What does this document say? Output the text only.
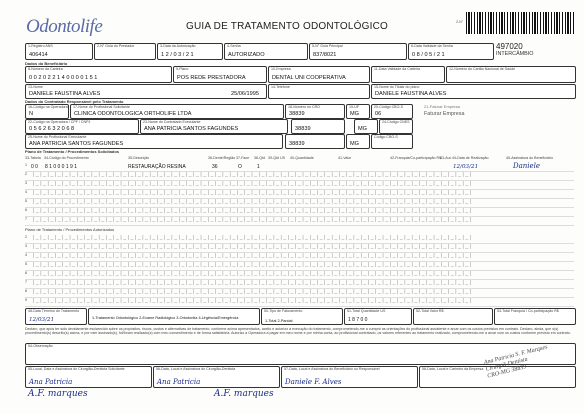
Odontolife	GUIA DE TRATAMENTO ODONTOLÓGICO	2-N°
497020
INTERCÂMBIO
1-Registro ANS
406414
2-N° Guia do Prestador	3-Data da Autorização
1 2 / 0 3 / 2 1
4-Senha
AUTORIZADO
5-N° Guia Principal
837/8021
6-Data Validade da Senha
0 8 / 0 5 / 2 1
Dados do Beneficiário
8-Número da Carteira
0 0 2 0 2 2 1 4 0 0 0 0 1 5 1
9-Plano
POS REDE PRESTADORA
10-Empresa
DENTAL UNI COOPERATIVA
11-Data Validade da Carteira	12-Número do Cartão Nacional de Saúde
13-Nome
DANIELE FAUSTINA ALVES	25/06/1995
14-Telefone	15-Nome do Titular do plano
DANIELE FAUSTINA ALVES
Dados do Contratado Responsável pelo Tratamento
16-Código na Operadora
N
17-Nome do Profissional Solicitante
CLINICA ODONTOLOGICA ORTHOLIFE LTDA
18-Número no CRO
38839
19-UF
MG
20-Código CBO-S
06
21-Faturar Empresa
Faturar Empresa
22-Código na Operadora / CPF / CNPJ
0 5 6 2 6 3 2 0 6 8
23-Nome do Contratado Executante
ANA PATRICIA SANTOS FAGUNDES	38839	MG
24-Código CNES
25-Nome do Profissional Executante
ANA PATRICIA SANTOS FAGUNDES	38839	MG
Código CBO-S
Plano de Tratamento / Procedimentos Solicitados
33-Tabela 34-Código do Procedimento	35-Descrição	36-Dente/Região 37-Face 38-Qtd 39-Qtd US 40-Quantidade	41-Valor	42-Franquia/Co-participação R$
43-Aut. 44-Data de Realização	45-Assinatura do Beneficiário
1 0 0 8 1 0 0 0 1 9 1	RESTAURAÇÃO RESINA	36	O	1	12/03/21	Daniele
2 |_|_|_|_|_|_|_|_|_|_|_|_|_|_|_|_|_|_|_|_|_|_|_|_|_|_|_|_|_|_|_|_|_|_|_|_|_|_|_|_|_|_|_|_|_|_|_|_|_|_|_|_|_|_|_|_|_|_|_|_|
3 |_|_|_|_|_|_|_|_|_|_|_|_|_|_|_|_|_|_|_|_|_|_|_|_|_|_|_|_|_|_|_|_|_|_|_|_|_|_|_|_|_|_|_|_|_|_|_|_|_|_|_|_|_|_|_|_|_|_|_|_|
4 |_|_|_|_|_|_|_|_|_|_|_|_|_|_|_|_|_|_|_|_|_|_|_|_|_|_|_|_|_|_|_|_|_|_|_|_|_|_|_|_|_|_|_|_|_|_|_|_|_|_|_|_|_|_|_|_|_|_|_|_|
5 |_|_|_|_|_|_|_|_|_|_|_|_|_|_|_|_|_|_|_|_|_|_|_|_|_|_|_|_|_|_|_|_|_|_|_|_|_|_|_|_|_|_|_|_|_|_|_|_|_|_|_|_|_|_|_|_|_|_|_|_|
6 |_|_|_|_|_|_|_|_|_|_|_|_|_|_|_|_|_|_|_|_|_|_|_|_|_|_|_|_|_|_|_|_|_|_|_|_|_|_|_|_|_|_|_|_|_|_|_|_|_|_|_|_|_|_|_|_|_|_|_|_|
7 |_|_|_|_|_|_|_|_|_|_|_|_|_|_|_|_|_|_|_|_|_|_|_|_|_|_|_|_|_|_|_|_|_|_|_|_|_|_|_|_|_|_|_|_|_|_|_|_|_|_|_|_|_|_|_|_|_|_|_|_|
Plano de Tratamento / Procedimentos Autorizados
2 |_|_|_|_|_|_|_|_|_|_|_|_|_|_|_|_|_|_|_|_|_|_|_|_|_|_|_|_|_|_|_|_|_|_|_|_|_|_|_|_|_|_|_|_|_|_|_|_|_|_|_|_|_|_|_|_|_|_|_|_|
3 |_|_|_|_|_|_|_|_|_|_|_|_|_|_|_|_|_|_|_|_|_|_|_|_|_|_|_|_|_|_|_|_|_|_|_|_|_|_|_|_|_|_|_|_|_|_|_|_|_|_|_|_|_|_|_|_|_|_|_|_|
4 |_|_|_|_|_|_|_|_|_|_|_|_|_|_|_|_|_|_|_|_|_|_|_|_|_|_|_|_|_|_|_|_|_|_|_|_|_|_|_|_|_|_|_|_|_|_|_|_|_|_|_|_|_|_|_|_|_|_|_|_|
5 |_|_|_|_|_|_|_|_|_|_|_|_|_|_|_|_|_|_|_|_|_|_|_|_|_|_|_|_|_|_|_|_|_|_|_|_|_|_|_|_|_|_|_|_|_|_|_|_|_|_|_|_|_|_|_|_|_|_|_|_|
6 |_|_|_|_|_|_|_|_|_|_|_|_|_|_|_|_|_|_|_|_|_|_|_|_|_|_|_|_|_|_|_|_|_|_|_|_|_|_|_|_|_|_|_|_|_|_|_|_|_|_|_|_|_|_|_|_|_|_|_|_|
7 |_|_|_|_|_|_|_|_|_|_|_|_|_|_|_|_|_|_|_|_|_|_|_|_|_|_|_|_|_|_|_|_|_|_|_|_|_|_|_|_|_|_|_|_|_|_|_|_|_|_|_|_|_|_|_|_|_|_|_|_|
8 |_|_|_|_|_|_|_|_|_|_|_|_|_|_|_|_|_|_|_|_|_|_|_|_|_|_|_|_|_|_|_|_|_|_|_|_|_|_|_|_|_|_|_|_|_|_|_|_|_|_|_|_|_|_|_|_|_|_|_|_|
9 |_|_|_|_|_|_|_|_|_|_|_|_|_|_|_|_|_|_|_|_|_|_|_|_|_|_|_|_|_|_|_|_|_|_|_|_|_|_|_|_|_|_|_|_|_|_|_|_|_|_|_|_|_|_|_|_|_|_|_|_|
48-Data Término do Tratamento
12/03/21	1-Tratamento Odontológico 2-Exame Radiológico 3-Ortodontia 4-Urgência/Emergência
50-Tipo de Faturamento
1-Total 2-Parcial
51-Total Quantidade US
1 8 7 0 0
52-Total Valor R$	53-Total Franquia / Co-participação R$
Declaro, que após ter sido devidamente esclarecido sobre os propósitos, riscos, custos e alternativas de tratamento, conforme acima apresentados, aceito e autorizo a execução do tratamento, comprometendo-me a cumprir as orientações do profissional assistente e arcar com os custos previstos em contrato. Declaro, ainda, que o(s) procedimento(s) descrito(s) acima, e por mim assinado(s), foi/foram realizado(s) com meu consentimento e de forma satisfatória. Autorizo a Operadora a pagar em meu nome e por minha conta, ao profissional contratado, os valores referentes ao tratamento realizado, comprometendo-me a arcar com os custos conforme previsto em contrato.
54-Observação
55-Local, Data e Assinatura do Cirurgião-Dentista Solicitante
Ana Patricia
56-Data, Local e Assinatura do Cirurgião-Dentista
Ana Patricia
57-Data, Local e Assinatura do Beneficiário ou Responsável
Daniele F. Alves
58-Data, Local e Carimbo da Empresa
Ana Patricia S. F. Marques
Cirurgiã-Dentista
CRO-MG 38839
A.F. marques	A.F. marques
